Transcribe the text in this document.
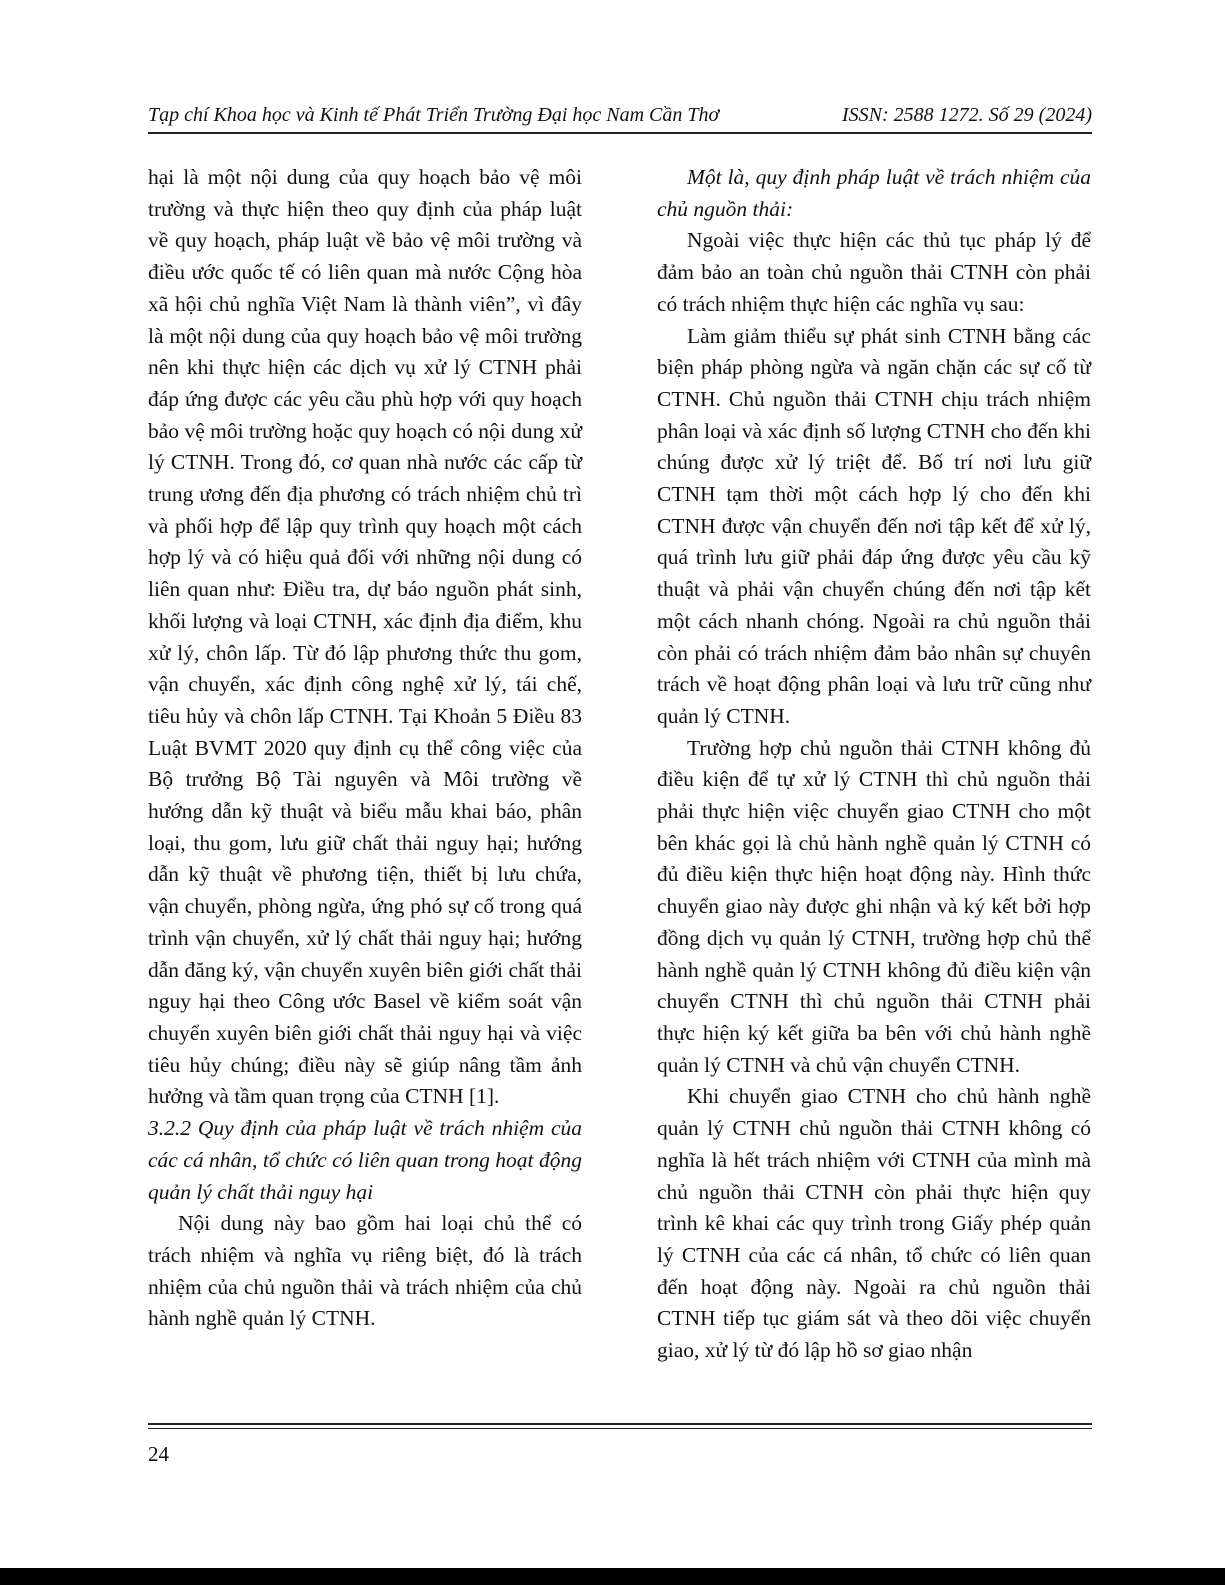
Tạp chí Khoa học và Kinh tế Phát Triển Trường Đại học Nam Cần Thơ	ISSN: 2588 1272. Số 29 (2024)

hại là một nội dung của quy hoạch bảo vệ môi trường và thực hiện theo quy định của pháp luật về quy hoạch, pháp luật về bảo vệ môi trường và điều ước quốc tế có liên quan mà nước Cộng hòa xã hội chủ nghĩa Việt Nam là thành viên”, vì đây là một nội dung của quy hoạch bảo vệ môi trường nên khi thực hiện các dịch vụ xử lý CTNH phải đáp ứng được các yêu cầu phù hợp với quy hoạch bảo vệ môi trường hoặc quy hoạch có nội dung xử lý CTNH. Trong đó, cơ quan nhà nước các cấp từ trung ương đến địa phương có trách nhiệm chủ trì và phối hợp để lập quy trình quy hoạch một cách hợp lý và có hiệu quả đối với những nội dung có liên quan như: Điều tra, dự báo nguồn phát sinh, khối lượng và loại CTNH, xác định địa điểm, khu xử lý, chôn lấp. Từ đó lập phương thức thu gom, vận chuyển, xác định công nghệ xử lý, tái chế, tiêu hủy và chôn lấp CTNH. Tại Khoản 5 Điều 83 Luật BVMT 2020 quy định cụ thể công việc của Bộ trưởng Bộ Tài nguyên và Môi trường về hướng dẫn kỹ thuật và biểu mẫu khai báo, phân loại, thu gom, lưu giữ chất thải nguy hại; hướng dẫn kỹ thuật về phương tiện, thiết bị lưu chứa, vận chuyển, phòng ngừa, ứng phó sự cố trong quá trình vận chuyển, xử lý chất thải nguy hại; hướng dẫn đăng ký, vận chuyển xuyên biên giới chất thải nguy hại theo Công ước Basel về kiểm soát vận chuyển xuyên biên giới chất thải nguy hại và việc tiêu hủy chúng; điều này sẽ giúp nâng tầm ảnh hưởng và tầm quan trọng của CTNH [1].

3.2.2 Quy định của pháp luật về trách nhiệm của các cá nhân, tổ chức có liên quan trong hoạt động quản lý chất thải nguy hại

Nội dung này bao gồm hai loại chủ thể có trách nhiệm và nghĩa vụ riêng biệt, đó là trách nhiệm của chủ nguồn thải và trách nhiệm của chủ hành nghề quản lý CTNH.

Một là, quy định pháp luật về trách nhiệm của chủ nguồn thải:

Ngoài việc thực hiện các thủ tục pháp lý để đảm bảo an toàn chủ nguồn thải CTNH còn phải có trách nhiệm thực hiện các nghĩa vụ sau:

Làm giảm thiểu sự phát sinh CTNH bằng các biện pháp phòng ngừa và ngăn chặn các sự cố từ CTNH. Chủ nguồn thải CTNH chịu trách nhiệm phân loại và xác định số lượng CTNH cho đến khi chúng được xử lý triệt để. Bố trí nơi lưu giữ CTNH tạm thời một cách hợp lý cho đến khi CTNH được vận chuyển đến nơi tập kết để xử lý, quá trình lưu giữ phải đáp ứng được yêu cầu kỹ thuật và phải vận chuyển chúng đến nơi tập kết một cách nhanh chóng. Ngoài ra chủ nguồn thải còn phải có trách nhiệm đảm bảo nhân sự chuyên trách về hoạt động phân loại và lưu trữ cũng như quản lý CTNH.

Trường hợp chủ nguồn thải CTNH không đủ điều kiện để tự xử lý CTNH thì chủ nguồn thải phải thực hiện việc chuyển giao CTNH cho một bên khác gọi là chủ hành nghề quản lý CTNH có đủ điều kiện thực hiện hoạt động này. Hình thức chuyển giao này được ghi nhận và ký kết bởi hợp đồng dịch vụ quản lý CTNH, trường hợp chủ thể hành nghề quản lý CTNH không đủ điều kiện vận chuyển CTNH thì chủ nguồn thải CTNH phải thực hiện ký kết giữa ba bên với chủ hành nghề quản lý CTNH và chủ vận chuyển CTNH.

Khi chuyển giao CTNH cho chủ hành nghề quản lý CTNH chủ nguồn thải CTNH không có nghĩa là hết trách nhiệm với CTNH của mình mà chủ nguồn thải CTNH còn phải thực hiện quy trình kê khai các quy trình trong Giấy phép quản lý CTNH của các cá nhân, tổ chức có liên quan đến hoạt động này. Ngoài ra chủ nguồn thải CTNH tiếp tục giám sát và theo dõi việc chuyển giao, xử lý từ đó lập hồ sơ giao nhận

24
